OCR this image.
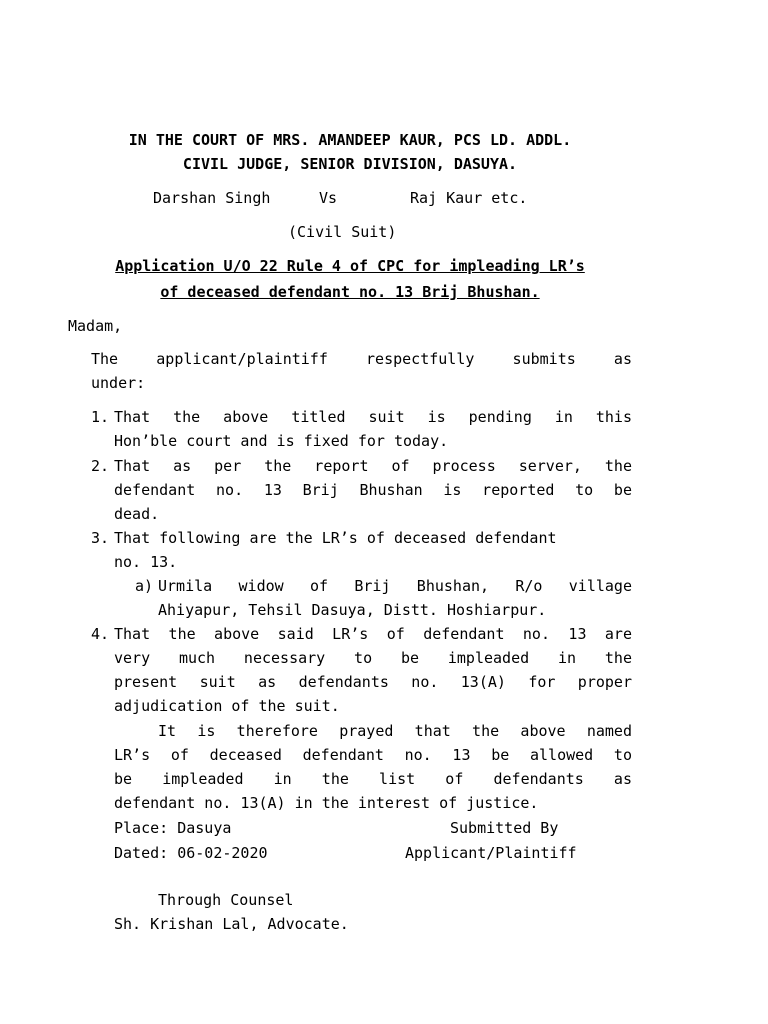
IN THE COURT OF MRS. AMANDEEP KAUR, PCS LD. ADDL.
CIVIL JUDGE, SENIOR DIVISION, DASUYA.
Darshan Singh	Vs	Raj Kaur etc.
(Civil Suit)
Application U/O 22 Rule 4 of CPC for impleading LR’s
of deceased defendant no. 13 Brij Bhushan.
Madam,
The applicant/plaintiff respectfully submits as
under:
1. That the above titled suit is pending in this
Hon’ble court and is fixed for today.
2. That as per the report of process server, the
defendant no. 13 Brij Bhushan is reported to be
dead.
3. That following are the LR’s of deceased defendant
no. 13.
a) Urmila widow of Brij Bhushan, R/o village
Ahiyapur, Tehsil Dasuya, Distt. Hoshiarpur.
4. That the above said LR’s of defendant no. 13 are
very much necessary to be impleaded in the
present suit as defendants no. 13(A) for proper
adjudication of the suit.
It is therefore prayed that the above named
LR’s of deceased defendant no. 13 be allowed to
be impleaded in the list of defendants as
defendant no. 13(A) in the interest of justice.
Place: Dasuya	Submitted By
Dated: 06-02-2020	Applicant/Plaintiff
Through Counsel
Sh. Krishan Lal, Advocate.
